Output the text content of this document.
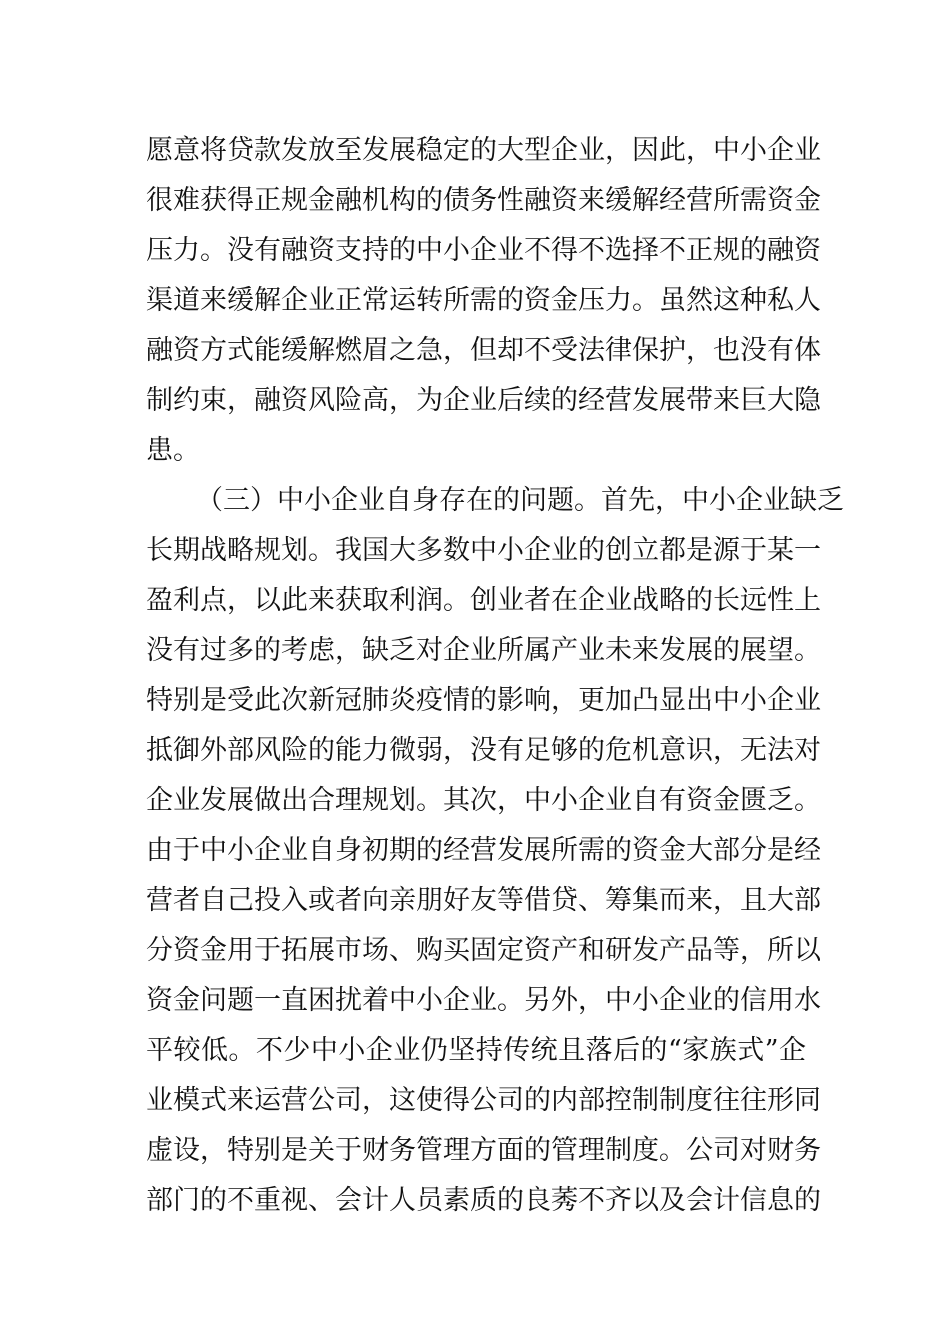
愿意将贷款发放至发展稳定的大型企业，因此，中小企业
很难获得正规金融机构的债务性融资来缓解经营所需资金
压力。没有融资支持的中小企业不得不选择不正规的融资
渠道来缓解企业正常运转所需的资金压力。虽然这种私人
融资方式能缓解燃眉之急，但却不受法律保护，也没有体
制约束，融资风险高，为企业后续的经营发展带来巨大隐
患。
（三）中小企业自身存在的问题。首先，中小企业缺乏
长期战略规划。我国大多数中小企业的创立都是源于某一
盈利点，以此来获取利润。创业者在企业战略的长远性上
没有过多的考虑，缺乏对企业所属产业未来发展的展望。
特别是受此次新冠肺炎疫情的影响，更加凸显出中小企业
抵御外部风险的能力微弱，没有足够的危机意识，无法对
企业发展做出合理规划。其次，中小企业自有资金匮乏。
由于中小企业自身初期的经营发展所需的资金大部分是经
营者自己投入或者向亲朋好友等借贷、筹集而来，且大部
分资金用于拓展市场、购买固定资产和研发产品等，所以
资金问题一直困扰着中小企业。另外，中小企业的信用水
平较低。不少中小企业仍坚持传统且落后的“家族式”企
业模式来运营公司，这使得公司的内部控制制度往往形同
虚设，特别是关于财务管理方面的管理制度。公司对财务
部门的不重视、会计人员素质的良莠不齐以及会计信息的
